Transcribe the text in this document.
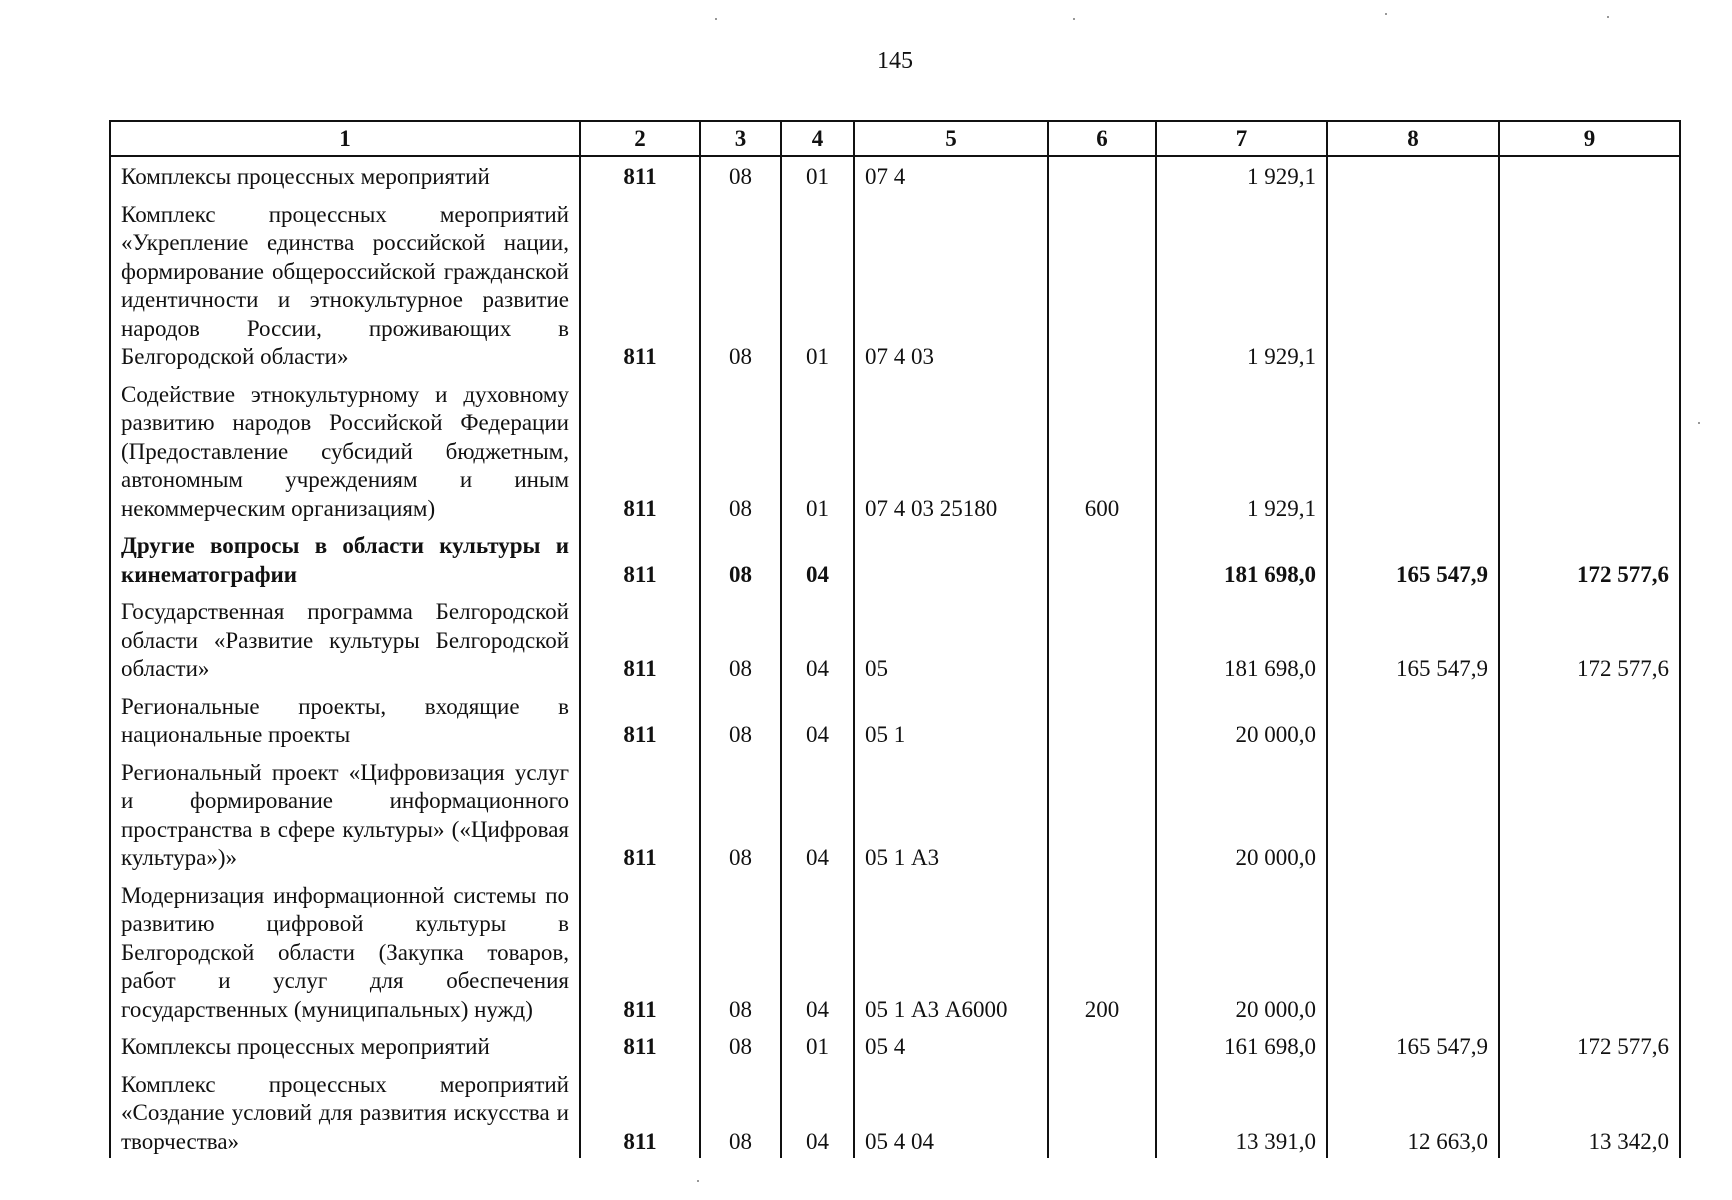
145
1	2	3	4	5	6	7	8	9
Комплексы процессных мероприятий	811	08	01	07 4		1 929,1		
Комплекс процессных мероприятий «Укрепление единства российской нации, формирование общероссийской гражданской идентичности и этнокультурное развитие народов России, проживающих в Белгородской области»	811	08	01	07 4 03		1 929,1		
Содействие этнокультурному и духовному развитию народов Российской Федерации (Предоставление субсидий бюджетным, автономным учреждениям и иным некоммерческим организациям)	811	08	01	07 4 03 25180	600	1 929,1		
Другие вопросы в области культуры и кинематографии	811	08	04			181 698,0	165 547,9	172 577,6
Государственная программа Белгородской области «Развитие культуры Белгородской области»	811	08	04	05		181 698,0	165 547,9	172 577,6
Региональные проекты, входящие в национальные проекты	811	08	04	05 1		20 000,0		
Региональный проект «Цифровизация услуг и формирование информационного пространства в сфере культуры» («Цифровая культура»)»	811	08	04	05 1 А3		20 000,0		
Модернизация информационной системы по развитию цифровой культуры в Белгородской области (Закупка товаров, работ и услуг для обеспечения государственных (муниципальных) нужд)	811	08	04	05 1 А3 А6000	200	20 000,0		
Комплексы процессных мероприятий	811	08	01	05 4		161 698,0	165 547,9	172 577,6
Комплекс процессных мероприятий «Создание условий для развития искусства и творчества»	811	08	04	05 4 04		13 391,0	12 663,0	13 342,0
